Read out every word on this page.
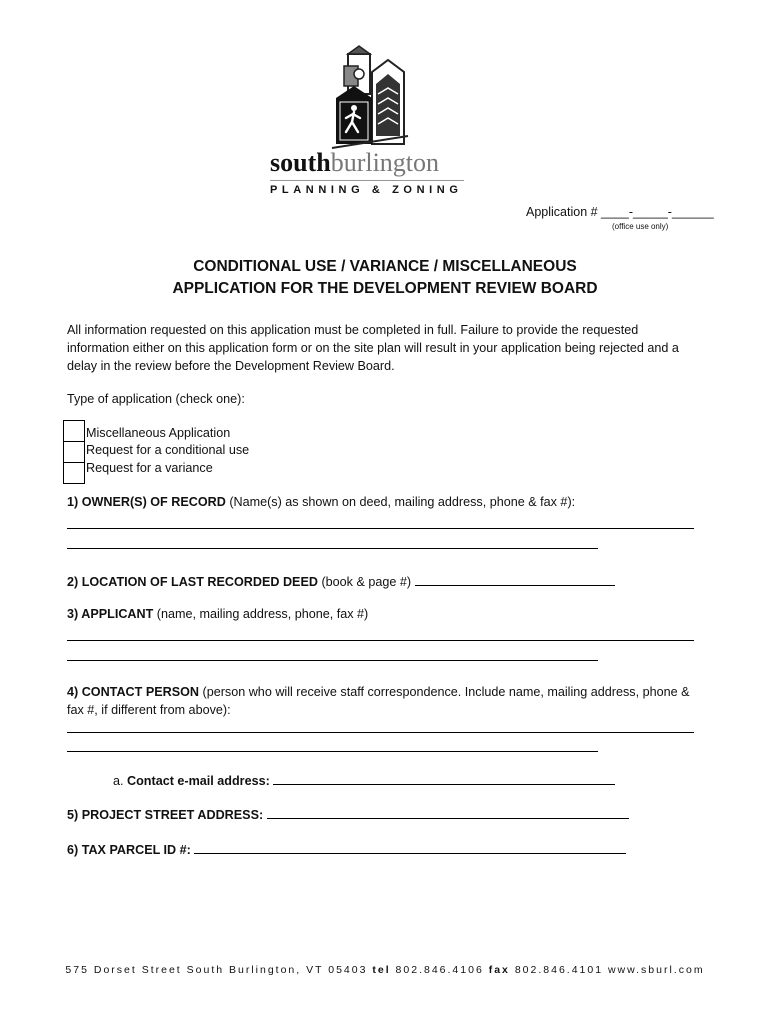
southburlington
PLANNING & ZONING
Application # ____-_____-______
(office use only)
CONDITIONAL USE / VARIANCE / MISCELLANEOUS
APPLICATION FOR THE DEVELOPMENT REVIEW BOARD
All information requested on this application must be completed in full. Failure to provide the requested
information either on this application form or on the site plan will result in your application being rejected and a
delay in the review before the Development Review Board.
Type of application (check one):
Miscellaneous Application
Request for a conditional use
Request for a variance
1) OWNER(S) OF RECORD (Name(s) as shown on deed, mailing address, phone & fax #):
2) LOCATION OF LAST RECORDED DEED (book & page #)
3) APPLICANT (name, mailing address, phone, fax #)
4) CONTACT PERSON (person who will receive staff correspondence. Include name, mailing address, phone &
fax #, if different from above):
a. Contact e-mail address:
5) PROJECT STREET ADDRESS:
6) TAX PARCEL ID #:
575 Dorset Street South Burlington, VT 05403 tel 802.846.4106 fax 802.846.4101 www.sburl.com
